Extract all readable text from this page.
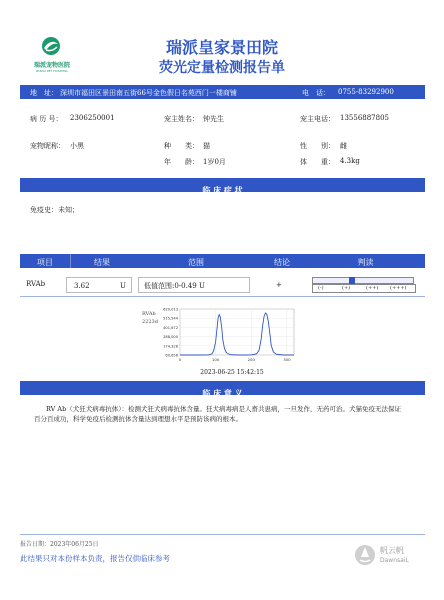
瑞派宠物医院
RUIPAI PET HOSPITAL
瑞派皇家景田院
荧光定量检测报告单
地　址： 深圳市福田区景田南五街66号金色假日名苑西门一楼商铺	电　话： 0755-83292900
病 历 号： 2306250001	宠主姓名： 钟先生	宠主电话： 13556887805
宠物昵称： 小黑	种　　类： 猫	性　　别： 雌
年　　龄： 1岁0月	体　　重： 4.3kg
临 床 症 状
免疫史： 未知；
项目	结果	范围	结论	判读
RVAb	3.62	U	低值范围:0-0.49 U	+	(-)	(+)	(++) (+++)
629,013
515,544
401,672
288,000
174,328
60,656
0	100	200	300
RVAb
2223d
2023-06-25 15:42:15
临 床 意 义
RV Ab（犬狂犬病毒抗体）：检测犬狂犬病毒抗体含量。狂犬病毒病是人畜共患病，一旦发作，无药可治。犬猫免疫无法保证百分百成功，科学免疫后检测抗体含量达到理想水平是预防该病的根本。
报告日期： 2023年06月25日
此结果只对本份样本负责，报告仅供临床参考
帆云帆
DawnsaiL
